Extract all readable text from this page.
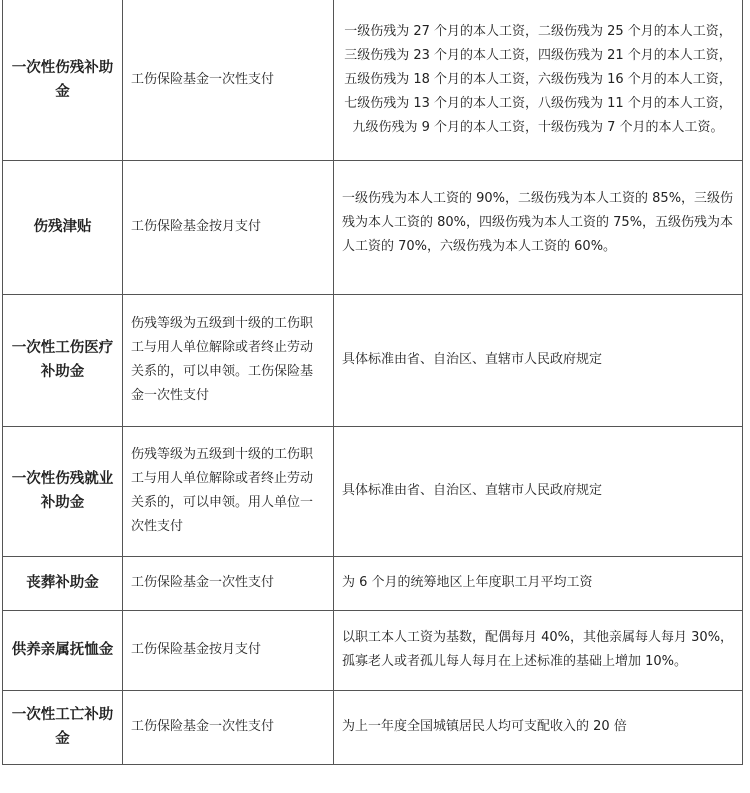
一次性伤残补助金	工伤保险基金一次性支付	一级伤残为 27 个月的本人工资，二级伤残为 25 个月的本人工资，三级伤残为 23 个月的本人工资，四级伤残为 21 个月的本人工资，五级伤残为 18 个月的本人工资，六级伤残为 16 个月的本人工资，七级伤残为 13 个月的本人工资，八级伤残为 11 个月的本人工资，九级伤残为 9 个月的本人工资，十级伤残为 7 个月的本人工资。
伤残津贴	工伤保险基金按月支付	一级伤残为本人工资的 90%，二级伤残为本人工资的 85%，三级伤残为本人工资的 80%，四级伤残为本人工资的 75%，五级伤残为本人工资的 70%，六级伤残为本人工资的 60%。
一次性工伤医疗补助金	伤残等级为五级到十级的工伤职工与用人单位解除或者终止劳动关系的，可以申领。工伤保险基金一次性支付	具体标准由省、自治区、直辖市人民政府规定
一次性伤残就业补助金	伤残等级为五级到十级的工伤职工与用人单位解除或者终止劳动关系的，可以申领。用人单位一次性支付	具体标准由省、自治区、直辖市人民政府规定
丧葬补助金	工伤保险基金一次性支付	为 6 个月的统筹地区上年度职工月平均工资
供养亲属抚恤金	工伤保险基金按月支付	以职工本人工资为基数，配偶每月 40%，其他亲属每人每月 30%，孤寡老人或者孤儿每人每月在上述标准的基础上增加 10%。
一次性工亡补助金	工伤保险基金一次性支付	为上一年度全国城镇居民人均可支配收入的 20 倍
